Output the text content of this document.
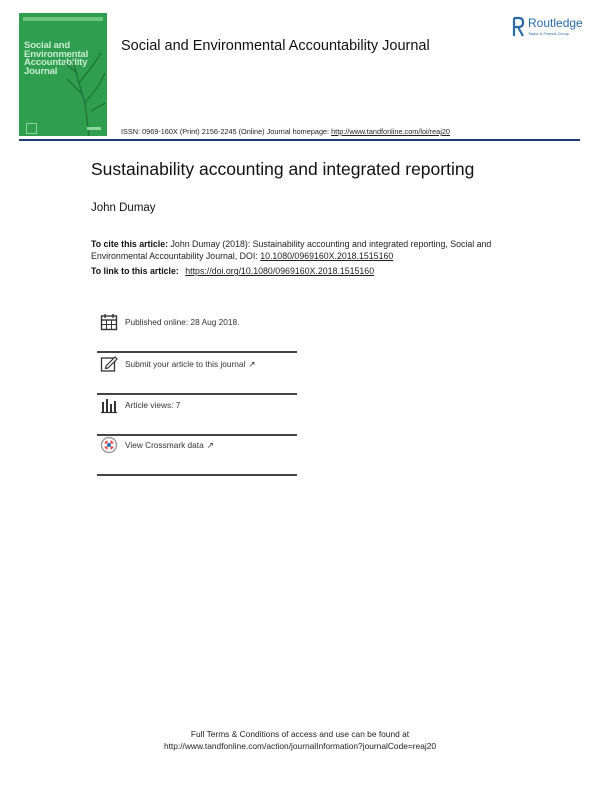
Social and Environmental Accountability Journal
Social and Environmental Accountability Journal
Routledge
Taylor & Francis Group
ISSN: 0969-160X (Print) 2156-2245 (Online) Journal homepage: http://www.tandfonline.com/loi/reaj20
Sustainability accounting and integrated reporting
John Dumay
To cite this article: John Dumay (2018): Sustainability accounting and integrated reporting, Social and Environmental Accountability Journal, DOI: 10.1080/0969160X.2018.1515160
To link to this article: https://doi.org/10.1080/0969160X.2018.1515160
Published online: 28 Aug 2018.
Submit your article to this journal ↗
Article views: 7
View Crossmark data ↗
Full Terms & Conditions of access and use can be found at
http://www.tandfonline.com/action/journalInformation?journalCode=reaj20
